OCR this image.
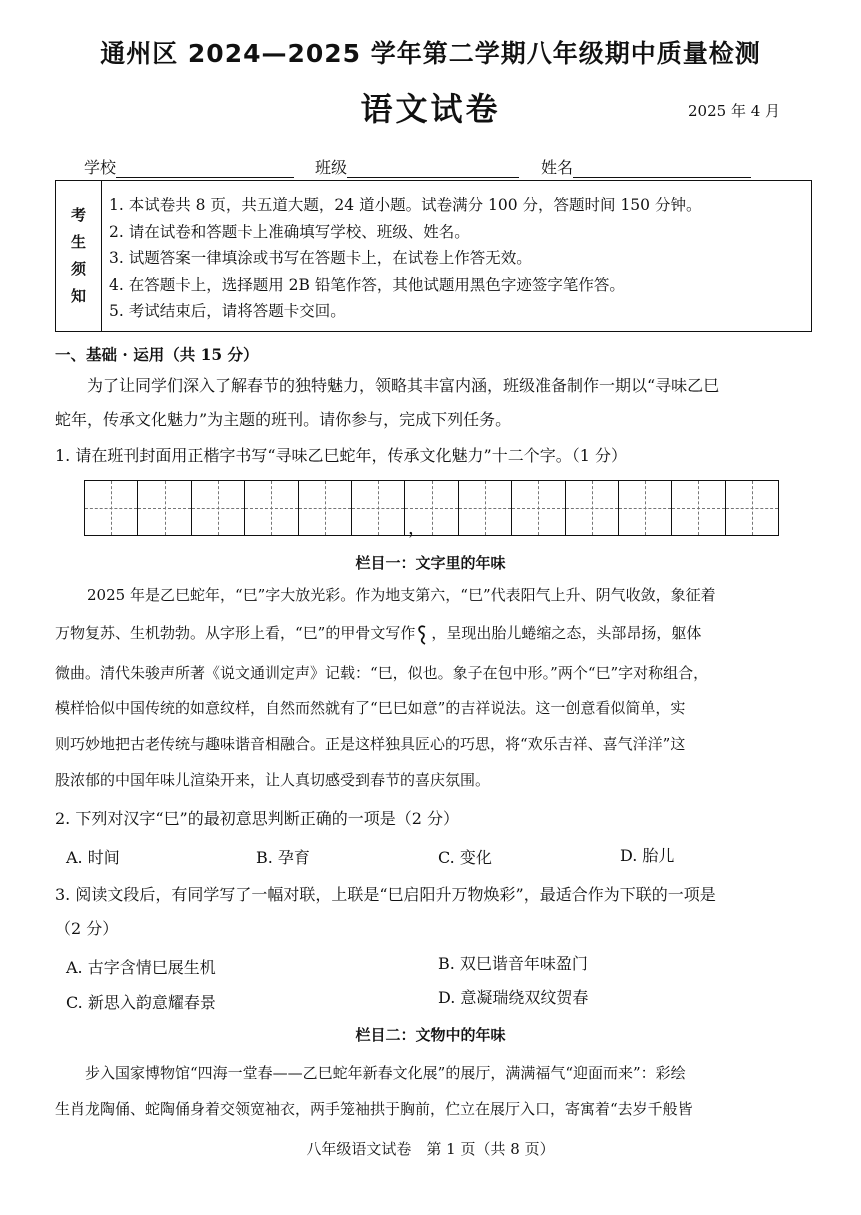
通州区 2024—2025 学年第二学期八年级期中质量检测
语文试卷	2025 年 4 月
学校	班级	姓名
考
生
须
知
1. 本试卷共 8 页，共五道大题，24 道小题。试卷满分 100 分，答题时间 150 分钟。
2. 请在试卷和答题卡上准确填写学校、班级、姓名。
3. 试题答案一律填涂或书写在答题卡上，在试卷上作答无效。
4. 在答题卡上，选择题用 2B 铅笔作答，其他试题用黑色字迹签字笔作答。
5. 考试结束后，请将答题卡交回。
一、基础 · 运用（共 15 分）
为了让同学们深入了解春节的独特魅力，领略其丰富内涵，班级准备制作一期以“寻味乙巳
蛇年，传承文化魅力”为主题的班刊。请你参与，完成下列任务。
1. 请在班刊封面用正楷字书写“寻味乙巳蛇年，传承文化魅力”十二个字。（1 分）
，
栏目一：文字里的年味
2025 年是乙巳蛇年，“巳”字大放光彩。作为地支第六，“巳”代表阳气上升、阴气收敛，象征着
万物复苏、生机勃勃。从字形上看，“巳”的甲骨文写作 ，呈现出胎儿蜷缩之态，头部昂扬，躯体
微曲。清代朱骏声所著《说文通训定声》记载：“巳，似也。象子在包中形。”两个“巳”字对称组合，
模样恰似中国传统的如意纹样，自然而然就有了“巳巳如意”的吉祥说法。这一创意看似简单，实
则巧妙地把古老传统与趣味谐音相融合。正是这样独具匠心的巧思，将“欢乐吉祥、喜气洋洋”这
股浓郁的中国年味儿渲染开来，让人真切感受到春节的喜庆氛围。
2. 下列对汉字“巳”的最初意思判断正确的一项是（2 分）
A. 时间	B. 孕育	C. 变化	D. 胎儿
3. 阅读文段后，有同学写了一幅对联，上联是“巳启阳升万物焕彩”，最适合作为下联的一项是
（2 分）
A. 古字含情巳展生机	B. 双巳谐音年味盈门
C. 新思入韵意耀春景	D. 意凝瑞绕双纹贺春
栏目二：文物中的年味
步入国家博物馆“四海一堂春——乙巳蛇年新春文化展”的展厅，满满福气“迎面而来”：彩绘
生肖龙陶俑、蛇陶俑身着交领宽袖衣，两手笼袖拱于胸前，伫立在展厅入口，寄寓着“去岁千般皆
八年级语文试卷　第 1 页（共 8 页）
